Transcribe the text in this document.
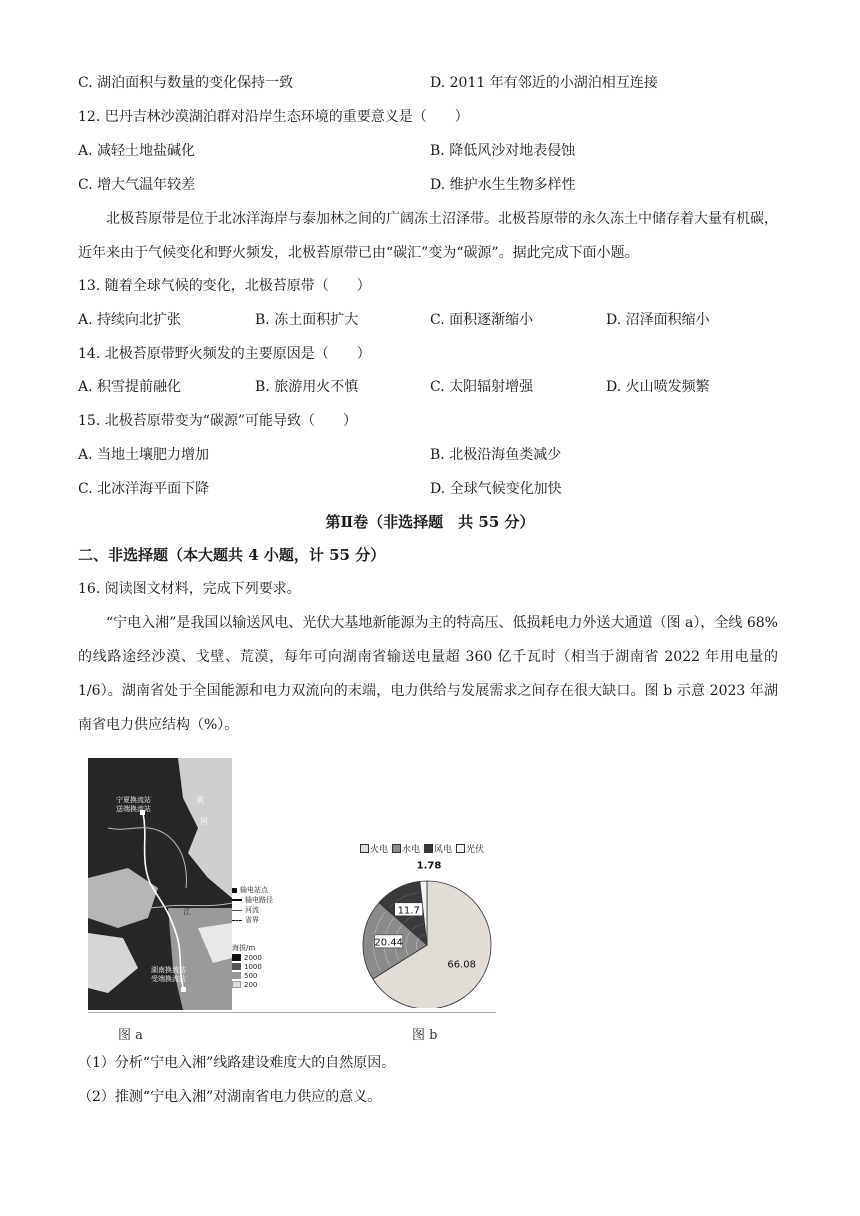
C. 湖泊面积与数量的变化保持一致	D. 2011 年有邻近的小湖泊相互连接
12. 巴丹吉林沙漠湖泊群对沿岸生态环境的重要意义是（　　）
A. 减轻土地盐碱化	B. 降低风沙对地表侵蚀
C. 增大气温年较差	D. 维护水生生物多样性
北极苔原带是位于北冰洋海岸与泰加林之间的广阔冻土沼泽带。北极苔原带的永久冻土中储存着大量有机碳，近年来由于气候变化和野火频发，北极苔原带已由“碳汇”变为“碳源”。据此完成下面小题。
13. 随着全球气候的变化，北极苔原带（　　）
A. 持续向北扩张	B. 冻土面积扩大	C. 面积逐渐缩小	D. 沼泽面积缩小
14. 北极苔原带野火频发的主要原因是（　　）
A. 积雪提前融化	B. 旅游用火不慎	C. 太阳辐射增强	D. 火山喷发频繁
15. 北极苔原带变为“碳源”可能导致（　　）
A. 当地土壤肥力增加	B. 北极沿海鱼类减少
C. 北冰洋海平面下降	D. 全球气候变化加快
第Ⅱ卷（非选择题　共 55 分）
二、非选择题（本大题共 4 小题，计 55 分）
16. 阅读图文材料，完成下列要求。
“宁电入湘”是我国以输送风电、光伏大基地新能源为主的特高压、低损耗电力外送大通道（图 a），全线 68%的线路途经沙漠、戈壁、荒漠，每年可向湖南省输送电量超 360 亿千瓦时（相当于湖南省 2022 年用电量的 1/6）。湖南省处于全国能源和电力双流向的末端，电力供给与发展需求之间存在很大缺口。图 b 示意 2023 年湖南省电力供应结构（%）。
宁夏换流站
送端换流站
湖南换流站
受端换流站
黄
河
江
长
输电站点
输电路径
河流
省界
海拔/m
2000
1000
500
200
火电 水电 风电 光伏
66.08
20.44
11.7
1.78
图 a	图 b
（1）分析“宁电入湘”线路建设难度大的自然原因。
（2）推测“宁电入湘”对湖南省电力供应的意义。
